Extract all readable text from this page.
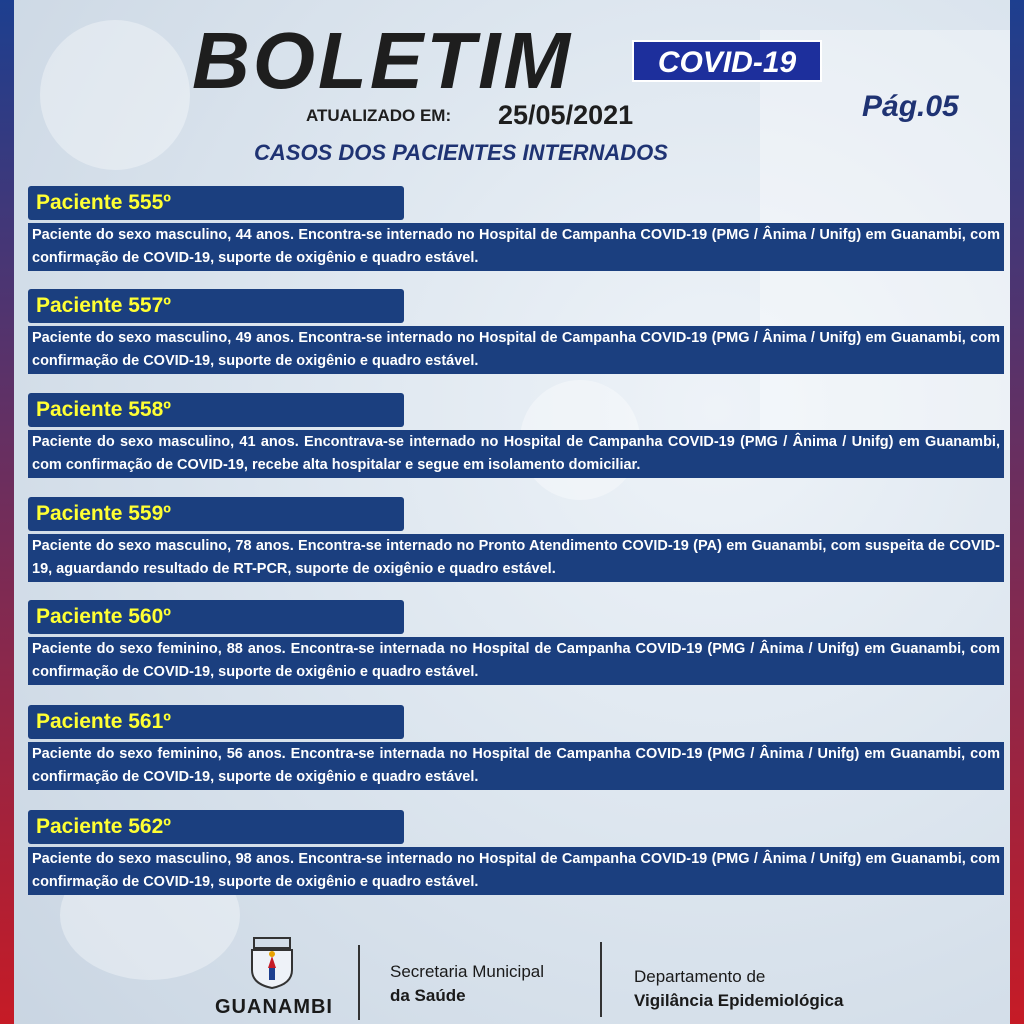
BOLETIM	COVID-19
ATUALIZADO EM: 25/05/2021	Pág.05
CASOS DOS PACIENTES INTERNADOS
Paciente 555º
Paciente do sexo masculino, 44 anos. Encontra-se internado no Hospital de Campanha COVID-19 (PMG / Ânima / Unifg) em Guanambi, com confirmação de COVID-19, suporte de oxigênio e quadro estável.
Paciente 557º
Paciente do sexo masculino, 49 anos. Encontra-se internado no Hospital de Campanha COVID-19 (PMG / Ânima / Unifg) em Guanambi, com confirmação de COVID-19, suporte de oxigênio e quadro estável.
Paciente 558º
Paciente do sexo masculino, 41 anos. Encontrava-se internado no Hospital de Campanha COVID-19 (PMG / Ânima / Unifg) em Guanambi, com confirmação de COVID-19, recebe alta hospitalar e segue em isolamento domiciliar.
Paciente 559º
Paciente do sexo masculino, 78 anos. Encontra-se internado no Pronto Atendimento COVID-19 (PA) em Guanambi, com suspeita de COVID-19, aguardando resultado de RT-PCR, suporte de oxigênio e quadro estável.
Paciente 560º
Paciente do sexo feminino, 88 anos. Encontra-se internada no Hospital de Campanha COVID-19 (PMG / Ânima / Unifg) em Guanambi, com confirmação de COVID-19, suporte de oxigênio e quadro estável.
Paciente 561º
Paciente do sexo feminino, 56 anos. Encontra-se internada no Hospital de Campanha COVID-19 (PMG / Ânima / Unifg) em Guanambi, com confirmação de COVID-19, suporte de oxigênio e quadro estável.
Paciente 562º
Paciente do sexo masculino, 98 anos. Encontra-se internado no Hospital de Campanha COVID-19 (PMG / Ânima / Unifg) em Guanambi, com confirmação de COVID-19, suporte de oxigênio e quadro estável.
GUANAMBI
Secretaria Municipal
da Saúde
Departamento de
Vigilância Epidemiológica
